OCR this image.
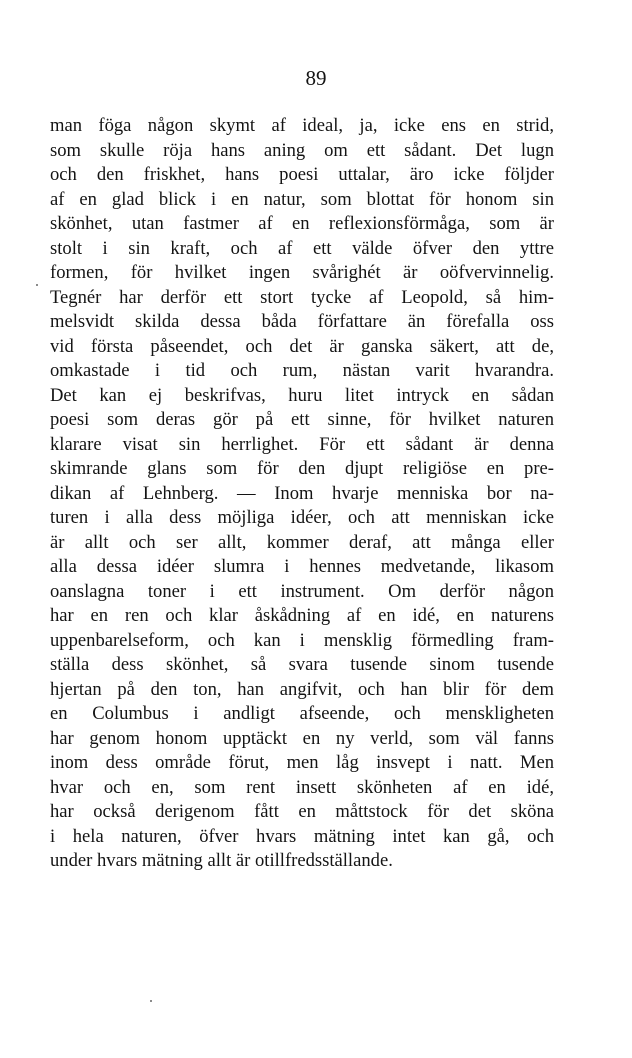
89
man föga någon skymt af ideal, ja, icke ens en strid,
som skulle röja hans aning om ett sådant. Det lugn
och den friskhet, hans poesi uttalar, äro icke följder
af en glad blick i en natur, som blottat för honom sin
skönhet, utan fastmer af en reflexionsförmåga, som är
stolt i sin kraft, och af ett välde öfver den yttre
formen, för hvilket ingen svårighét är oöfvervinnelig.
Tegnér har derför ett stort tycke af Leopold, så him-
melsvidt skilda dessa båda författare än förefalla oss
vid första påseendet, och det är ganska säkert, att de,
omkastade i tid och rum, nästan varit hvarandra.
Det kan ej beskrifvas, huru litet intryck en sådan
poesi som deras gör på ett sinne, för hvilket naturen
klarare visat sin herrlighet. För ett sådant är denna
skimrande glans som för den djupt religiöse en pre-
dikan af Lehnberg. — Inom hvarje menniska bor na-
turen i alla dess möjliga idéer, och att menniskan icke
är allt och ser allt, kommer deraf, att många eller
alla dessa idéer slumra i hennes medvetande, likasom
oanslagna toner i ett instrument. Om derför någon
har en ren och klar åskådning af en idé, en naturens
uppenbarelseform, och kan i mensklig förmedling fram-
ställa dess skönhet, så svara tusende sinom tusende
hjertan på den ton, han angifvit, och han blir för dem
en Columbus i andligt afseende, och menskligheten
har genom honom upptäckt en ny verld, som väl fanns
inom dess område förut, men låg insvept i natt. Men
hvar och en, som rent insett skönheten af en idé,
har också derigenom fått en måttstock för det sköna
i hela naturen, öfver hvars mätning intet kan gå, och
under hvars mätning allt är otillfredsställande.
